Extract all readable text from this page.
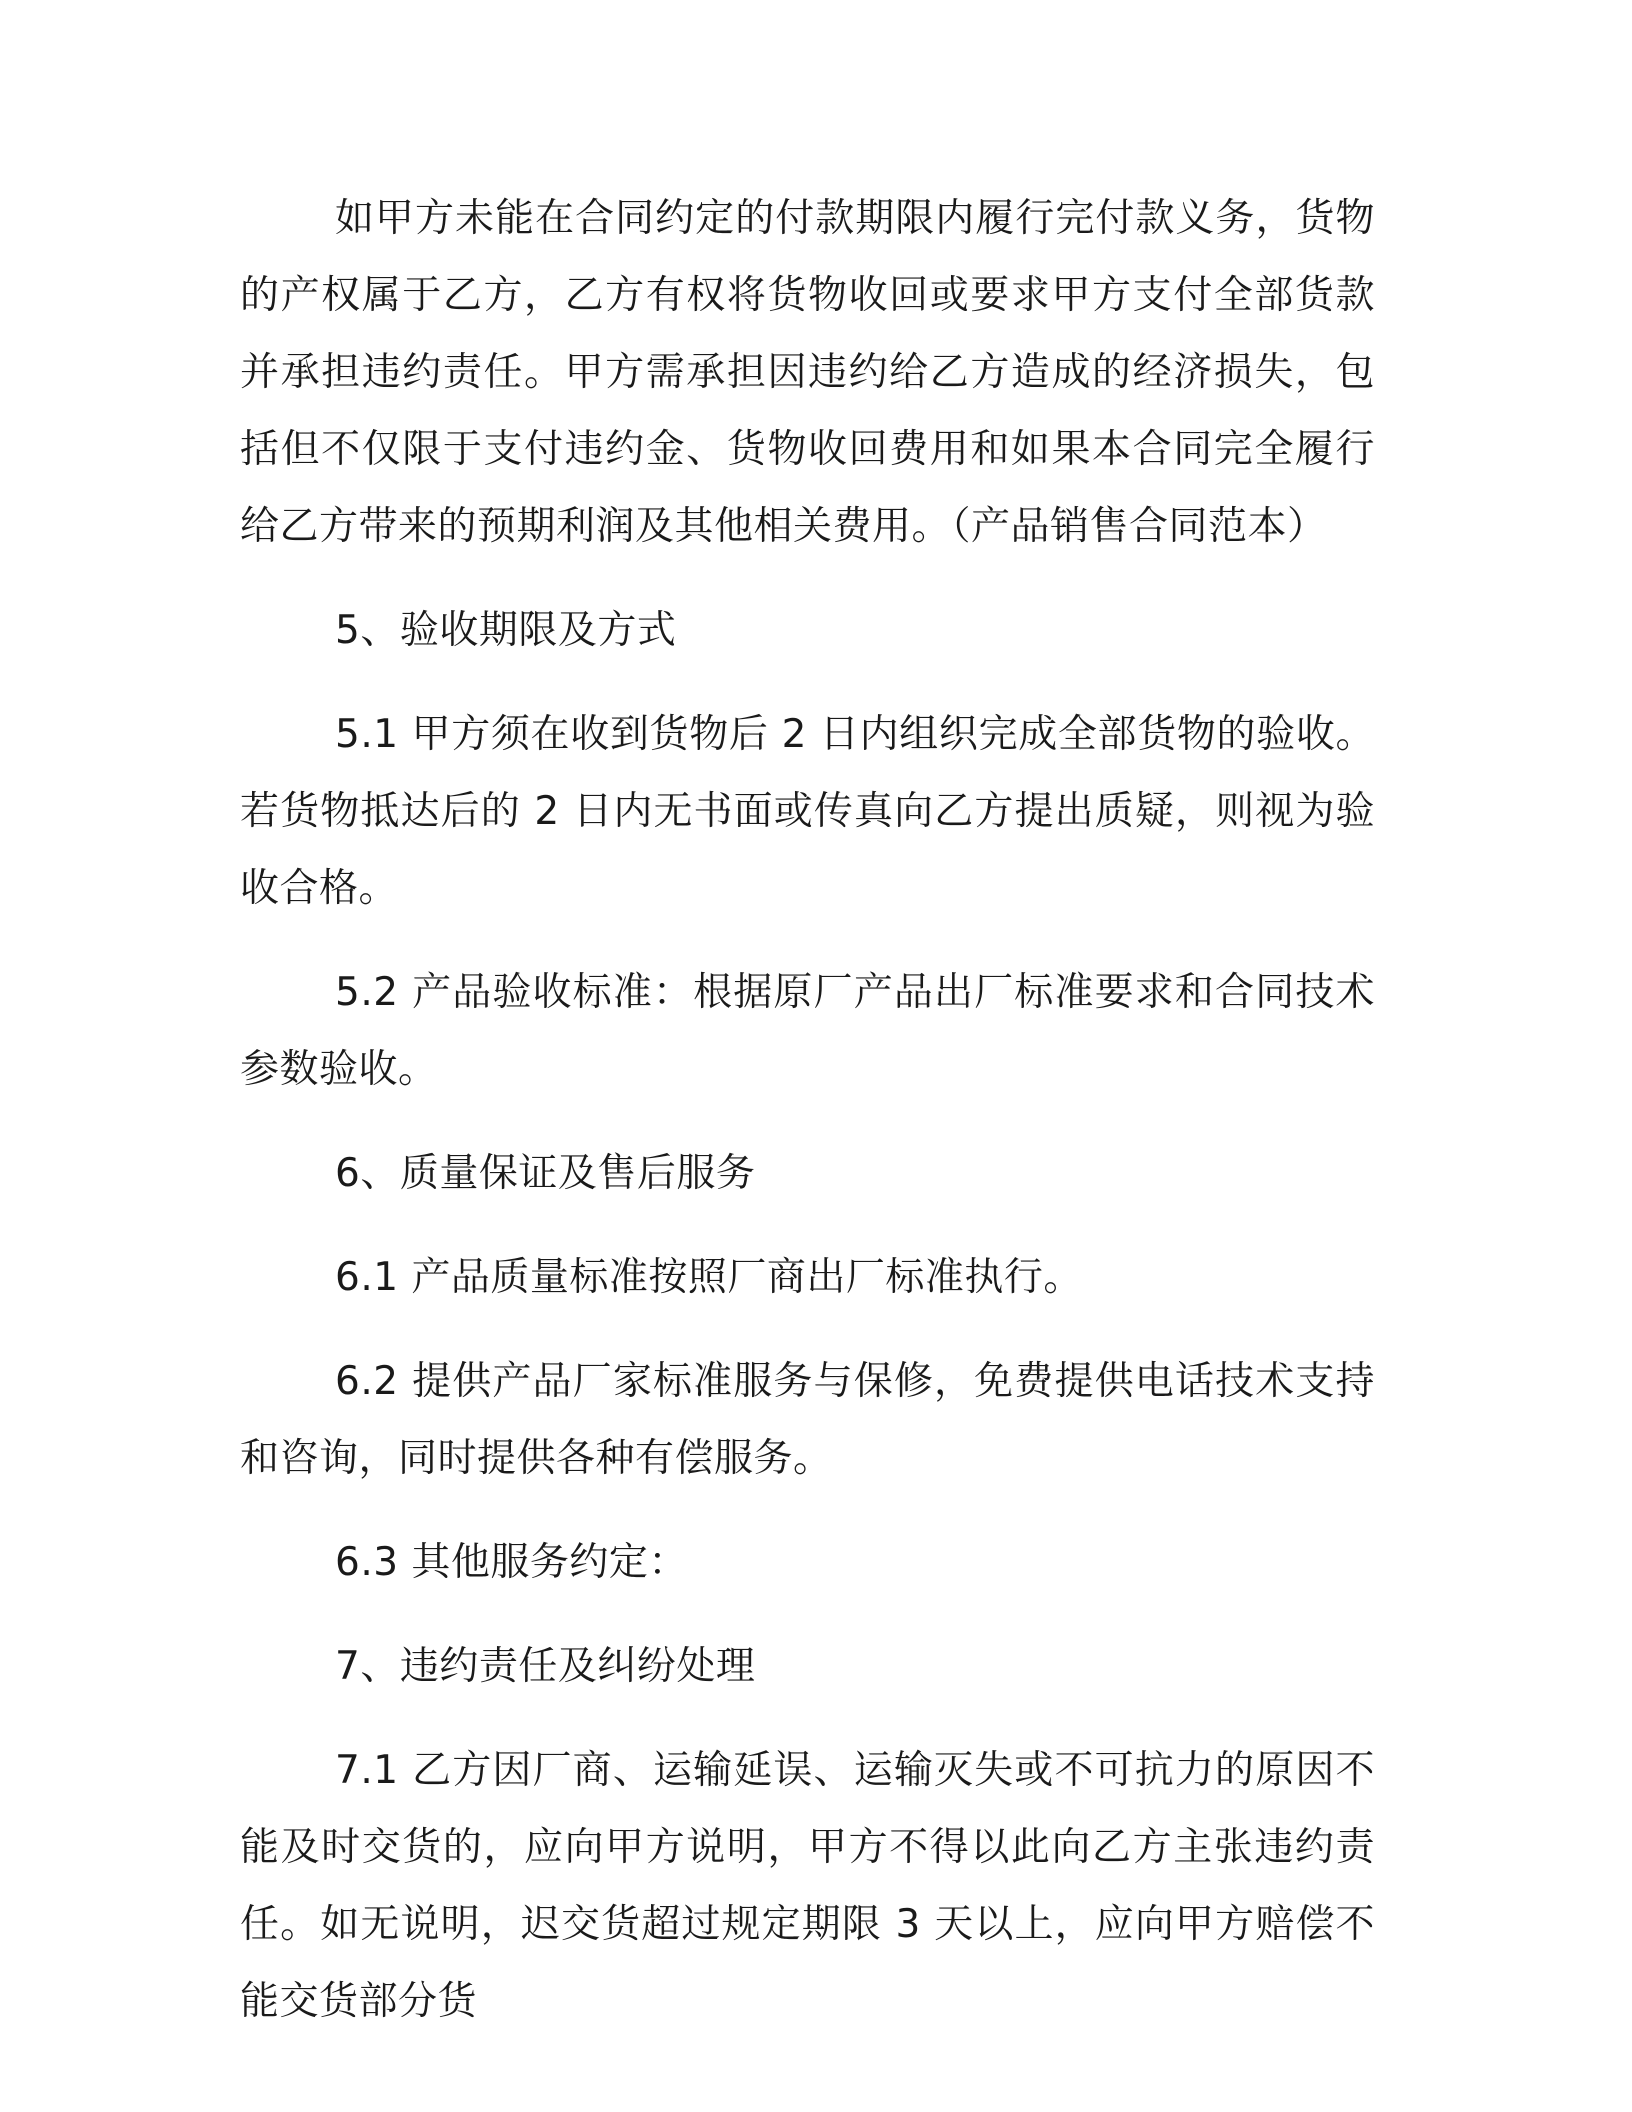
如甲方未能在合同约定的付款期限内履行完付款义务，货物的产权属于乙方，乙方有权将货物收回或要求甲方支付全部货款并承担违约责任。甲方需承担因违约给乙方造成的经济损失，包括但不仅限于支付违约金、货物收回费用和如果本合同完全履行给乙方带来的预期利润及其他相关费用。（产品销售合同范本）

5、验收期限及方式

5.1 甲方须在收到货物后 2 日内组织完成全部货物的验收。若货物抵达后的 2 日内无书面或传真向乙方提出质疑，则视为验收合格。

5.2 产品验收标准：根据原厂产品出厂标准要求和合同技术参数验收。

6、质量保证及售后服务

6.1 产品质量标准按照厂商出厂标准执行。

6.2 提供产品厂家标准服务与保修，免费提供电话技术支持和咨询，同时提供各种有偿服务。

6.3 其他服务约定：

7、违约责任及纠纷处理

7.1 乙方因厂商、运输延误、运输灭失或不可抗力的原因不能及时交货的，应向甲方说明，甲方不得以此向乙方主张违约责任。如无说明，迟交货超过规定期限 3 天以上，应向甲方赔偿不能交货部分货
